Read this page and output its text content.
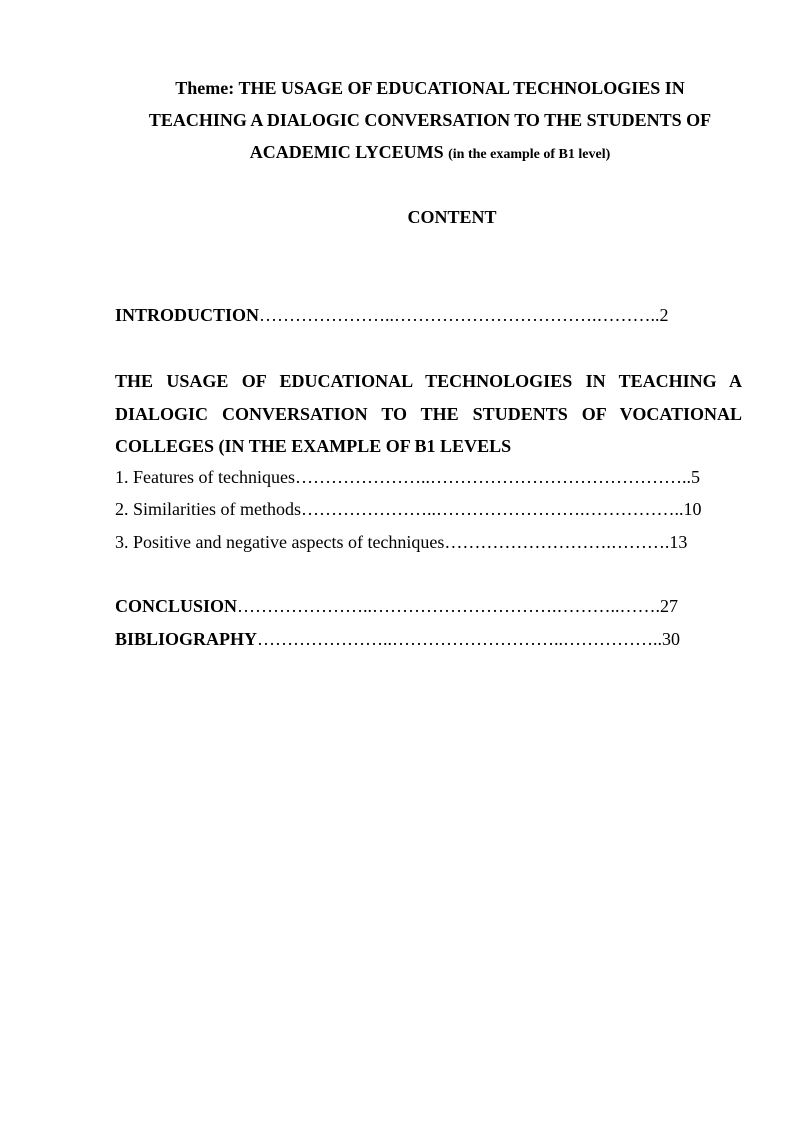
Theme: THE USAGE OF EDUCATIONAL TECHNOLOGIES IN
TEACHING A DIALOGIC CONVERSATION TO THE STUDENTS OF
ACADEMIC LYCEUMS (in the example of B1 level)
CONTENT
INTRODUCTION…………………..…………………………….………..2
THE USAGE OF EDUCATIONAL TECHNOLOGIES IN TEACHING A
DIALOGIC CONVERSATION TO THE STUDENTS OF VOCATIONAL
COLLEGES (IN THE EXAMPLE OF B1 LEVELS
1. Features of techniques…………………..……………………………………..5
2. Similarities of methods…………………..…………………….……………..10
3. Positive and negative aspects of techniques……………………….……….13
CONCLUSION…………………..………………………….………..…….27
BIBLIOGRAPHY…………………..………………………..……………..30
